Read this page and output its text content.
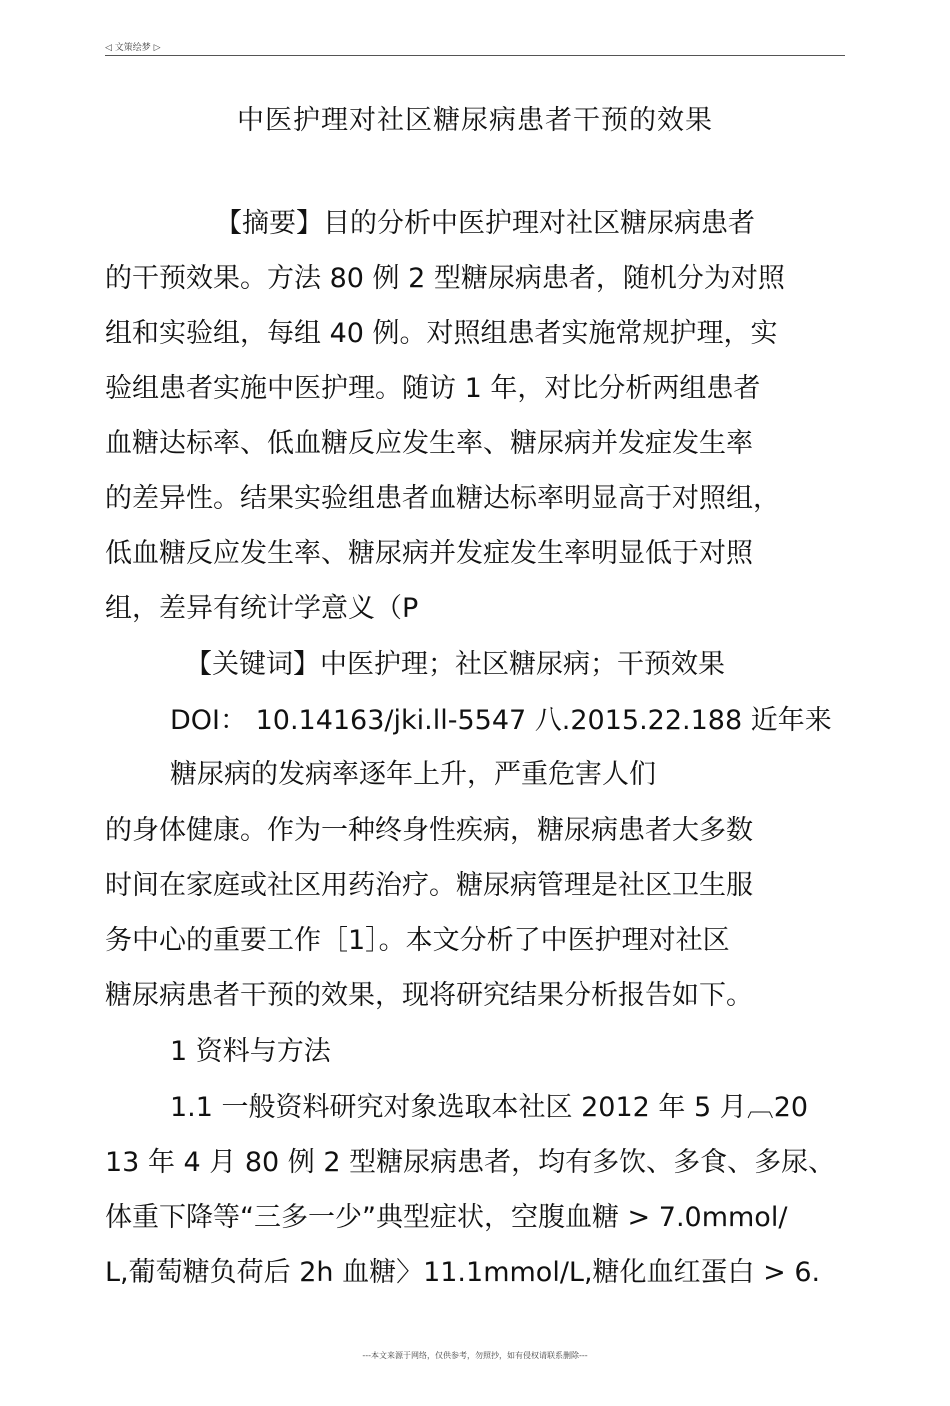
◁ 文策绘梦 ▷
中医护理对社区糖尿病患者干预的效果
【摘要】目的分析中医护理对社区糖尿病患者
的干预效果。方法 80 例 2 型糖尿病患者，随机分为对照
组和实验组，每组 40 例。对照组患者实施常规护理，实
验组患者实施中医护理。随访 1 年，对比分析两组患者
血糖达标率、低血糖反应发生率、糖尿病并发症发生率
的差异性。结果实验组患者血糖达标率明显高于对照组，
低血糖反应发生率、糖尿病并发症发生率明显低于对照
组，差异有统计学意义（P
【关键词】中医护理；社区糖尿病；干预效果
DOI： 10.14163/jki.ll-5547 八.2015.22.188 近年来
糖尿病的发病率逐年上升，严重危害人们
的身体健康。作为一种终身性疾病，糖尿病患者大多数
时间在家庭或社区用药治疗。糖尿病管理是社区卫生服
务中心的重要工作［1］。本文分析了中医护理对社区
糖尿病患者干预的效果，现将研究结果分析报告如下。
1 资料与方法
1.1 一般资料研究对象选取本社区 2012 年 5 月︹20
13 年 4 月 80 例 2 型糖尿病患者，均有多饮、多食、多尿、
体重下降等“三多一少”典型症状，空腹血糖 > 7.0mmol/
L,葡萄糖负荷后 2h 血糖〉11.1mmol/L,糖化血红蛋白 > 6.
---本文来源于网络，仅供参考，勿照抄，如有侵权请联系删除---
